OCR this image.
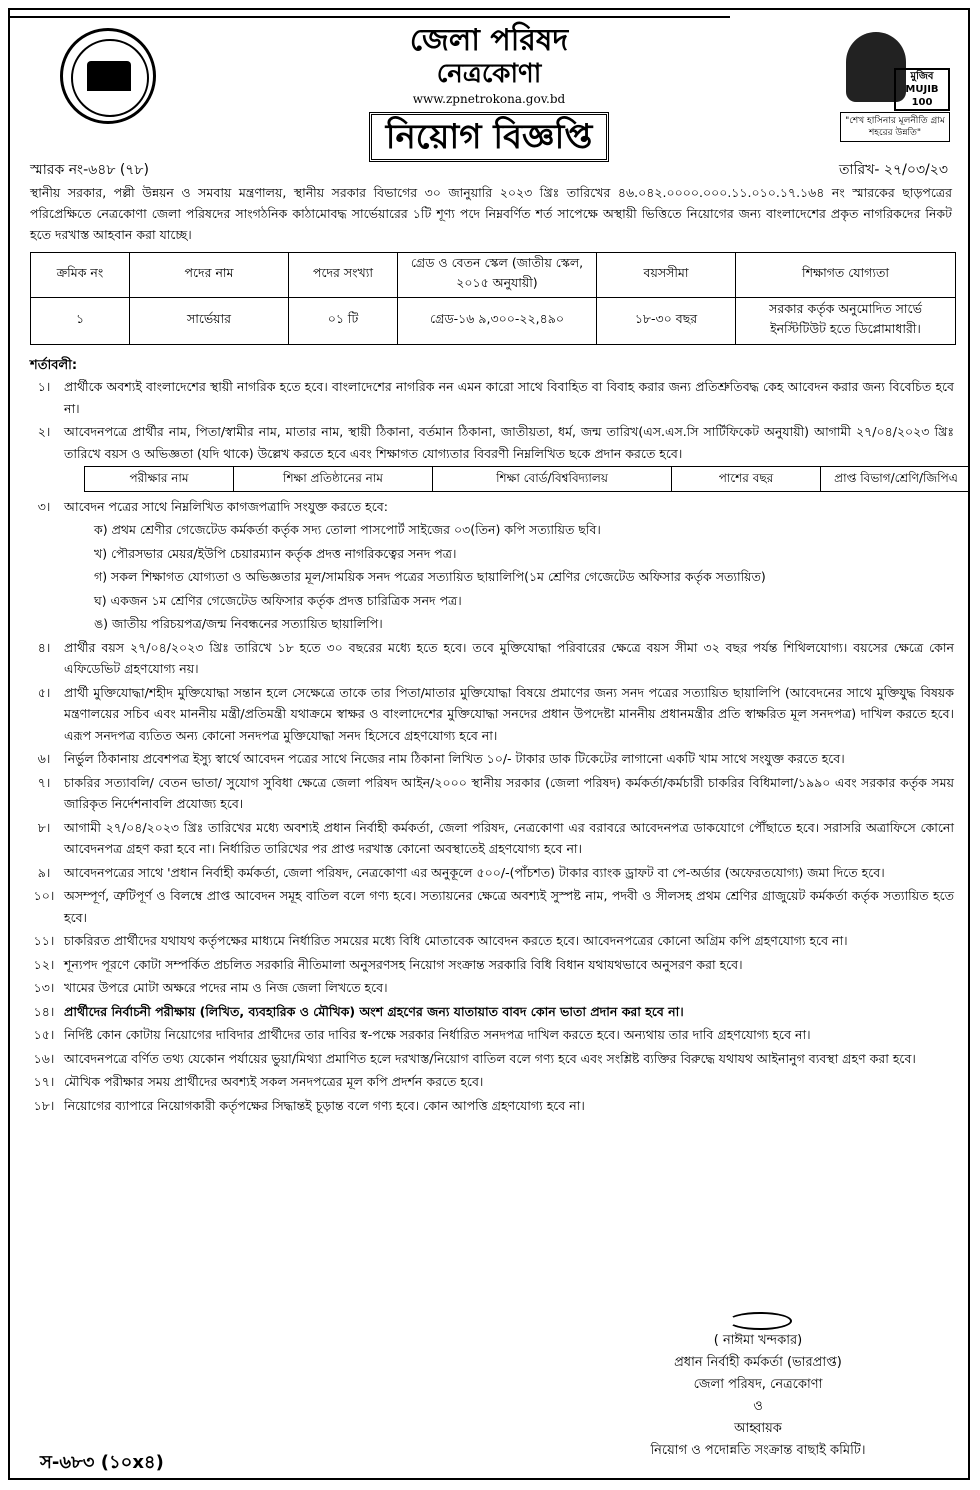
জেলা পরিষদ
নেত্রকোণা
www.zpnetrokona.gov.bd
নিয়োগ বিজ্ঞপ্তি
মুজিব MUJIB 100
"শেখ হাসিনার মূলনীতি গ্রাম শহরের উন্নতি"
স্মারক নং-৬৪৮ (৭৮)	তারিখ- ২৭/০৩/২৩
স্থানীয় সরকার, পল্লী উন্নয়ন ও সমবায় মন্ত্রণালয়, স্থানীয় সরকার বিভাগের ৩০ জানুয়ারি ২০২৩ খ্রিঃ তারিখের ৪৬.০৪২.০০০০.০০০.১১.০১০.১৭.১৬৪ নং স্মারকের ছাড়পত্রের পরিপ্রেক্ষিতে নেত্রকোণা জেলা পরিষদের সাংগঠনিক কাঠামোবদ্ধ সার্ভেয়ারের ১টি শূণ্য পদে নিম্নবর্ণিত শর্ত সাপেক্ষে অস্থায়ী ভিত্তিতে নিয়োগের জন্য বাংলাদেশের প্রকৃত নাগরিকদের নিকট হতে দরখাস্ত আহবান করা যাচ্ছে।
ক্রমিক নং	পদের নাম	পদের সংখ্যা	গ্রেড ও বেতন স্কেল (জাতীয় স্কেল, ২০১৫ অনুযায়ী)	বয়সসীমা	শিক্ষাগত যোগ্যতা
১	সার্ভেয়ার	০১ টি	গ্রেড-১৬ ৯,৩০০-২২,৪৯০	১৮-৩০ বছর	সরকার কর্তৃক অনুমোদিত সার্ভে ইনস্টিটিউট হতে ডিপ্লোমাধারী।
শর্তাবলী:
১।	প্রার্থীকে অবশ্যই বাংলাদেশের স্থায়ী নাগরিক হতে হবে। বাংলাদেশের নাগরিক নন এমন কারো সাথে বিবাহিত বা বিবাহ করার জন্য প্রতিশ্রুতিবদ্ধ কেহ আবেদন করার জন্য বিবেচিত হবে না।
২।	আবেদনপত্রে প্রার্থীর নাম, পিতা/স্বামীর নাম, মাতার নাম, স্থায়ী ঠিকানা, বর্তমান ঠিকানা, জাতীয়তা, ধর্ম, জন্ম তারিখ(এস.এস.সি সার্টিফিকেট অনুযায়ী) আগামী ২৭/০৪/২০২৩ খ্রিঃ তারিখে বয়স ও অভিজ্ঞতা (যদি থাকে) উল্লেখ করতে হবে এবং শিক্ষাগত যোগ্যতার বিবরণী নিম্নলিখিত ছকে প্রদান করতে হবে।
পরীক্ষার নাম	শিক্ষা প্রতিষ্ঠানের নাম	শিক্ষা বোর্ড/বিশ্ববিদ্যালয়	পাশের বছর	প্রাপ্ত বিভাগ/শ্রেণি/জিপিএ
৩।	আবেদন পত্রের সাথে নিম্নলিখিত কাগজপত্রাদি সংযুক্ত করতে হবে:
ক) প্রথম শ্রেণীর গেজেটেড কর্মকর্তা কর্তৃক সদ্য তোলা পাসপোর্ট সাইজের ০৩(তিন) কপি সত্যায়িত ছবি।
খ) পৌরসভার মেয়র/ইউপি চেয়ারম্যান কর্তৃক প্রদত্ত নাগরিকত্বের সনদ পত্র।
গ) সকল শিক্ষাগত যোগ্যতা ও অভিজ্ঞতার মূল/সাময়িক সনদ পত্রের সত্যায়িত ছায়ালিপি(১ম শ্রেণির গেজেটেড অফিসার কর্তৃক সত্যায়িত)
ঘ) একজন ১ম শ্রেণির গেজেটেড অফিসার কর্তৃক প্রদত্ত চারিত্রিক সনদ পত্র।
ঙ) জাতীয় পরিচয়পত্র/জন্ম নিবন্ধনের সত্যায়িত ছায়ালিপি।
৪।	প্রার্থীর বয়স ২৭/০৪/২০২৩ খ্রিঃ তারিখে ১৮ হতে ৩০ বছরের মধ্যে হতে হবে। তবে মুক্তিযোদ্ধা পরিবারের ক্ষেত্রে বয়স সীমা ৩২ বছর পর্যন্ত শিথিলযোগ্য। বয়সের ক্ষেত্রে কোন এফিডেভিট গ্রহণযোগ্য নয়।
৫।	প্রার্থী মুক্তিযোদ্ধা/শহীদ মুক্তিযোদ্ধা সন্তান হলে সেক্ষেত্রে তাকে তার পিতা/মাতার মুক্তিযোদ্ধা বিষয়ে প্রমাণের জন্য সনদ পত্রের সত্যায়িত ছায়ালিপি (আবেদনের সাথে মুক্তিযুদ্ধ বিষয়ক মন্ত্রণালয়ের সচিব এবং মাননীয় মন্ত্রী/প্রতিমন্ত্রী যথাক্রমে স্বাক্ষর ও বাংলাদেশের মুক্তিযোদ্ধা সনদের প্রধান উপদেষ্টা মাননীয় প্রধানমন্ত্রীর প্রতি স্বাক্ষরিত মূল সনদপত্র) দাখিল করতে হবে। এরূপ সনদপত্র ব্যতিত অন্য কোনো সনদপত্র মুক্তিযোদ্ধা সনদ হিসেবে গ্রহণযোগ্য হবে না।
৬।	নির্ভুল ঠিকানায় প্রবেশপত্র ইস্যু স্বার্থে আবেদন পত্রের সাথে নিজের নাম ঠিকানা লিখিত ১০/- টাকার ডাক টিকেটের লাগানো একটি খাম সাথে সংযুক্ত করতে হবে।
৭।	চাকরির সত্যাবলি/ বেতন ভাতা/ সুযোগ সুবিধা ক্ষেত্রে জেলা পরিষদ আইন/২০০০ স্থানীয় সরকার (জেলা পরিষদ) কর্মকর্তা/কর্মচারী চাকরির বিধিমালা/১৯৯০ এবং সরকার কর্তৃক সময় জারিকৃত নির্দেশনাবলি প্রযোজ্য হবে।
৮।	আগামী ২৭/০৪/২০২৩ খ্রিঃ তারিখের মধ্যে অবশ্যই প্রধান নির্বাহী কর্মকর্তা, জেলা পরিষদ, নেত্রকোণা এর বরাবরে আবেদনপত্র ডাকযোগে পৌঁছাতে হবে। সরাসরি অত্রাফিসে কোনো আবেদনপত্র গ্রহণ করা হবে না। নির্ধারিত তারিখের পর প্রাপ্ত দরখাস্ত কোনো অবস্থাতেই গ্রহণযোগ্য হবে না।
৯।	আবেদনপত্রের সাথে 'প্রধান নির্বাহী কর্মকর্তা, জেলা পরিষদ, নেত্রকোণা এর অনুকূলে ৫০০/-(পাঁচশত) টাকার ব্যাংক ড্রাফট বা পে-অর্ডার (অফেরতযোগ্য) জমা দিতে হবে।
১০। অসম্পূর্ণ, ত্রুটিপূর্ণ ও বিলম্বে প্রাপ্ত আবেদন সমূহ বাতিল বলে গণ্য হবে। সত্যায়নের ক্ষেত্রে অবশ্যই সুস্পষ্ট নাম, পদবী ও সীলসহ প্রথম শ্রেণির গ্রাজুয়েট কর্মকর্তা কর্তৃক সত্যায়িত হতে হবে।
১১। চাকরিরত প্রার্থীদের যথাযথ কর্তৃপক্ষের মাধ্যমে নির্ধারিত সময়ের মধ্যে বিধি মোতাবেক আবেদন করতে হবে। আবেদনপত্রের কোনো অগ্রিম কপি গ্রহণযোগ্য হবে না।
১২। শূন্যপদ পূরণে কোটা সম্পর্কিত প্রচলিত সরকারি নীতিমালা অনুসরণসহ নিয়োগ সংক্রান্ত সরকারি বিধি বিধান যথাযথভাবে অনুসরণ করা হবে।
১৩। খামের উপরে মোটা অক্ষরে পদের নাম ও নিজ জেলা লিখতে হবে।
১৪। প্রার্থীদের নির্বাচনী পরীক্ষায় (লিখিত, ব্যবহারিক ও মৌখিক) অংশ গ্রহণের জন্য যাতায়াত বাবদ কোন ভাতা প্রদান করা হবে না।
১৫। নির্দিষ্ট কোন কোটায় নিয়োগের দাবিদার প্রার্থীদের তার দাবির স্ব-পক্ষে সরকার নির্ধারিত সনদপত্র দাখিল করতে হবে। অন্যথায় তার দাবি গ্রহণযোগ্য হবে না।
১৬। আবেদনপত্রে বর্ণিত তথ্য যেকোন পর্যায়ের ভুয়া/মিথ্যা প্রমাণিত হলে দরখাস্ত/নিয়োগ বাতিল বলে গণ্য হবে এবং সংশ্লিষ্ট ব্যক্তির বিরুদ্ধে যথাযথ আইনানুগ ব্যবস্থা গ্রহণ করা হবে।
১৭। মৌখিক পরীক্ষার সময় প্রার্থীদের অবশ্যই সকল সনদপত্রের মূল কপি প্রদর্শন করতে হবে।
১৮। নিয়োগের ব্যাপারে নিয়োগকারী কর্তৃপক্ষের সিদ্ধান্তই চূড়ান্ত বলে গণ্য হবে। কোন আপত্তি গ্রহণযোগ্য হবে না।
( নাঈমা খন্দকার)
প্রধান নির্বাহী কর্মকর্তা (ভারপ্রাপ্ত)
জেলা পরিষদ, নেত্রকোণা
ও
আহ্বায়ক
নিয়োগ ও পদোন্নতি সংক্রান্ত বাছাই কমিটি।
স-৬৮৩ (১০x৪)
